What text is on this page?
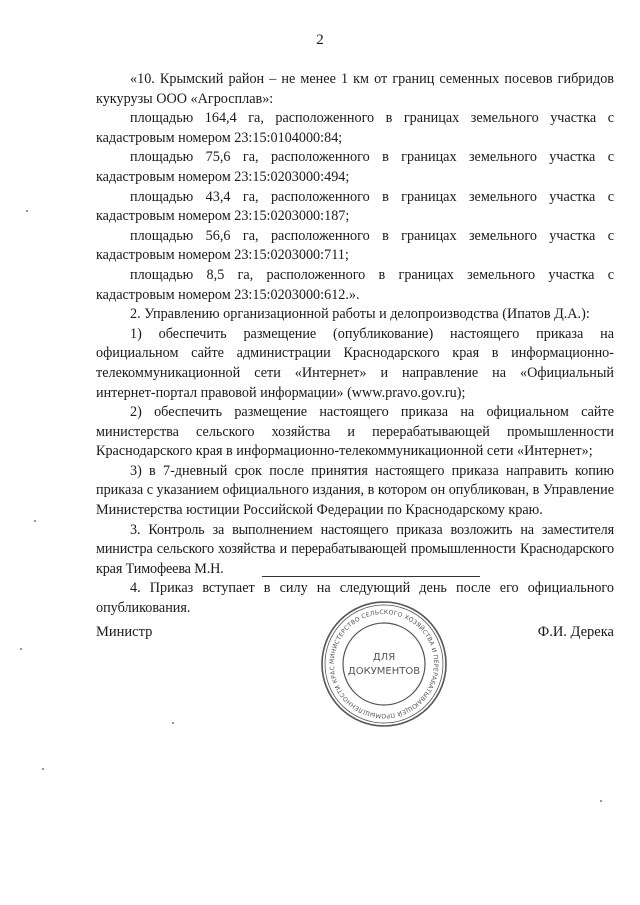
2

«10. Крымский район – не менее 1 км от границ семенных посевов гибридов кукурузы ООО «Агросплав»:

площадью 164,4 га, расположенного в границах земельного участка с кадастровым номером 23:15:0104000:84;

площадью 75,6 га, расположенного в границах земельного участка с кадастровым номером 23:15:0203000:494;

площадью 43,4 га, расположенного в границах земельного участка с кадастровым номером 23:15:0203000:187;

площадью 56,6 га, расположенного в границах земельного участка с кадастровым номером 23:15:0203000:711;

площадью 8,5 га, расположенного в границах земельного участка с кадастровым номером 23:15:0203000:612.».

2. Управлению организационной работы и делопроизводства (Ипатов Д.А.):

1) обеспечить размещение (опубликование) настоящего приказа на официальном сайте администрации Краснодарского края в информационно-телекоммуникационной сети «Интернет» и направление на «Официальный интернет-портал правовой информации» (www.pravo.gov.ru);

2) обеспечить размещение настоящего приказа на официальном сайте министерства сельского хозяйства и перерабатывающей промышленности Краснодарского края в информационно-телекоммуникационной сети «Интернет»;

3) в 7-дневный срок после принятия настоящего приказа направить копию приказа с указанием официального издания, в котором он опубликован, в Управление Министерства юстиции Российской Федерации по Краснодарскому краю.

3. Контроль за выполнением настоящего приказа возложить на заместителя министра сельского хозяйства и перерабатывающей промышленности Краснодарского края Тимофеева М.Н.

4. Приказ вступает в силу на следующий день после его официального опубликования.

Министр	Ф.И. Дерека
МИНИСТЕРСТВО СЕЛЬСКОГО ХОЗЯЙСТВА И ПЕРЕРАБАТЫВАЮЩЕЙ ПРОМЫШЛЕННОСТИ КРАС
ДЛЯ
ДОКУМЕНТОВ
